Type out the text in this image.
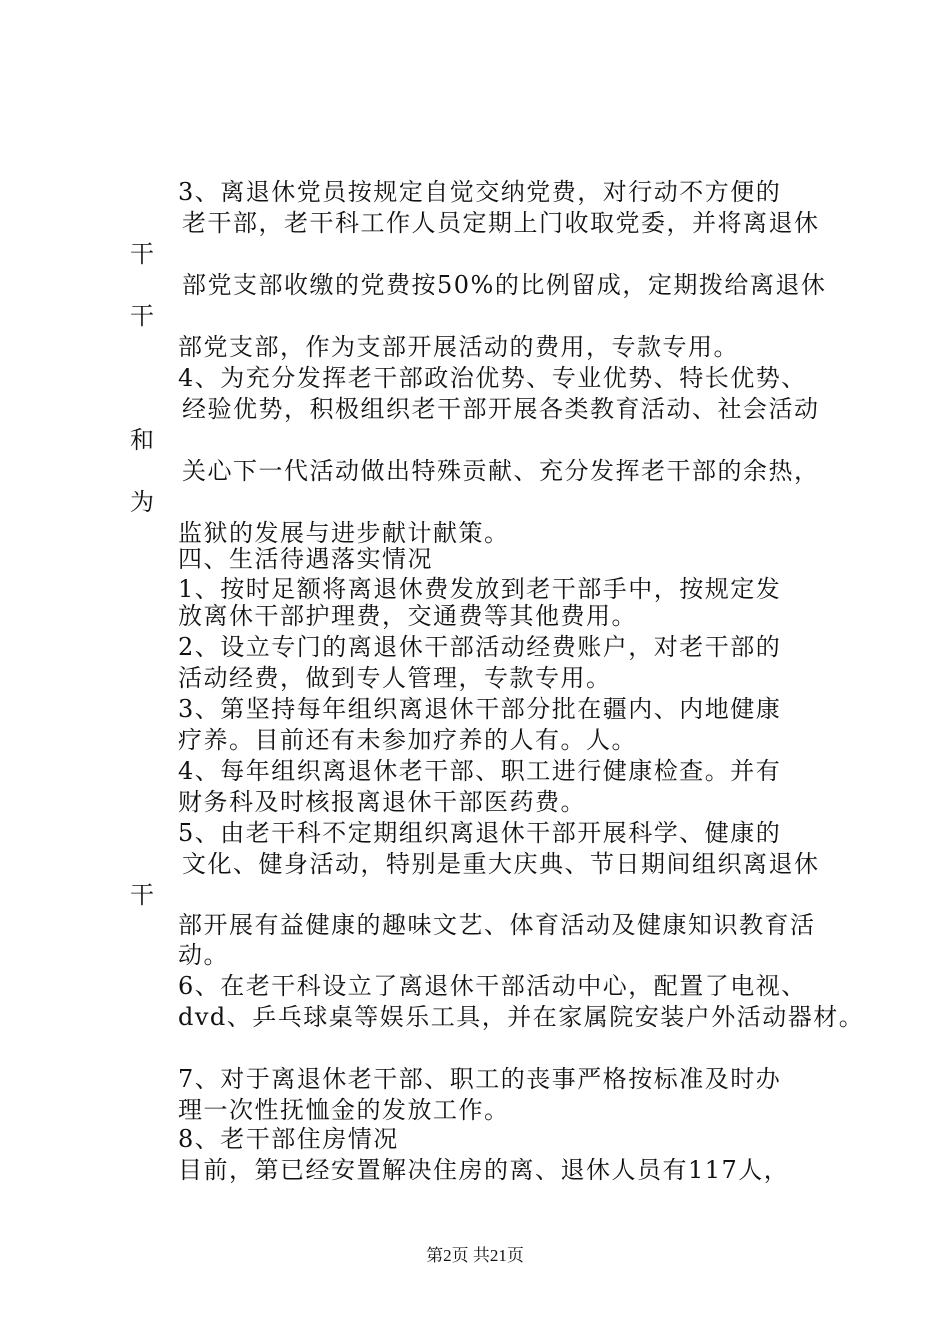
3、离退休党员按规定自觉交纳党费，对行动不方便的
老干部，老干科工作人员定期上门收取党委，并将离退休
干
部党支部收缴的党费按50%的比例留成，定期拨给离退休
干
部党支部，作为支部开展活动的费用，专款专用。
4、为充分发挥老干部政治优势、专业优势、特长优势、
经验优势，积极组织老干部开展各类教育活动、社会活动
和
关心下一代活动做出特殊贡献、充分发挥老干部的余热，
为
监狱的发展与进步献计献策。
四、生活待遇落实情况
1、按时足额将离退休费发放到老干部手中，按规定发
放离休干部护理费，交通费等其他费用。
2、设立专门的离退休干部活动经费账户，对老干部的
活动经费，做到专人管理，专款专用。
3、第坚持每年组织离退休干部分批在疆内、内地健康
疗养。目前还有未参加疗养的人有。人。
4、每年组织离退休老干部、职工进行健康检查。并有
财务科及时核报离退休干部医药费。
5、由老干科不定期组织离退休干部开展科学、健康的
文化、健身活动，特别是重大庆典、节日期间组织离退休
干
部开展有益健康的趣味文艺、体育活动及健康知识教育活
动。
6、在老干科设立了离退休干部活动中心，配置了电视、
dvd、乒乓球桌等娱乐工具，并在家属院安装户外活动器材。
7、对于离退休老干部、职工的丧事严格按标准及时办
理一次性抚恤金的发放工作。
8、老干部住房情况
目前，第已经安置解决住房的离、退休人员有117人，
第2页 共21页
